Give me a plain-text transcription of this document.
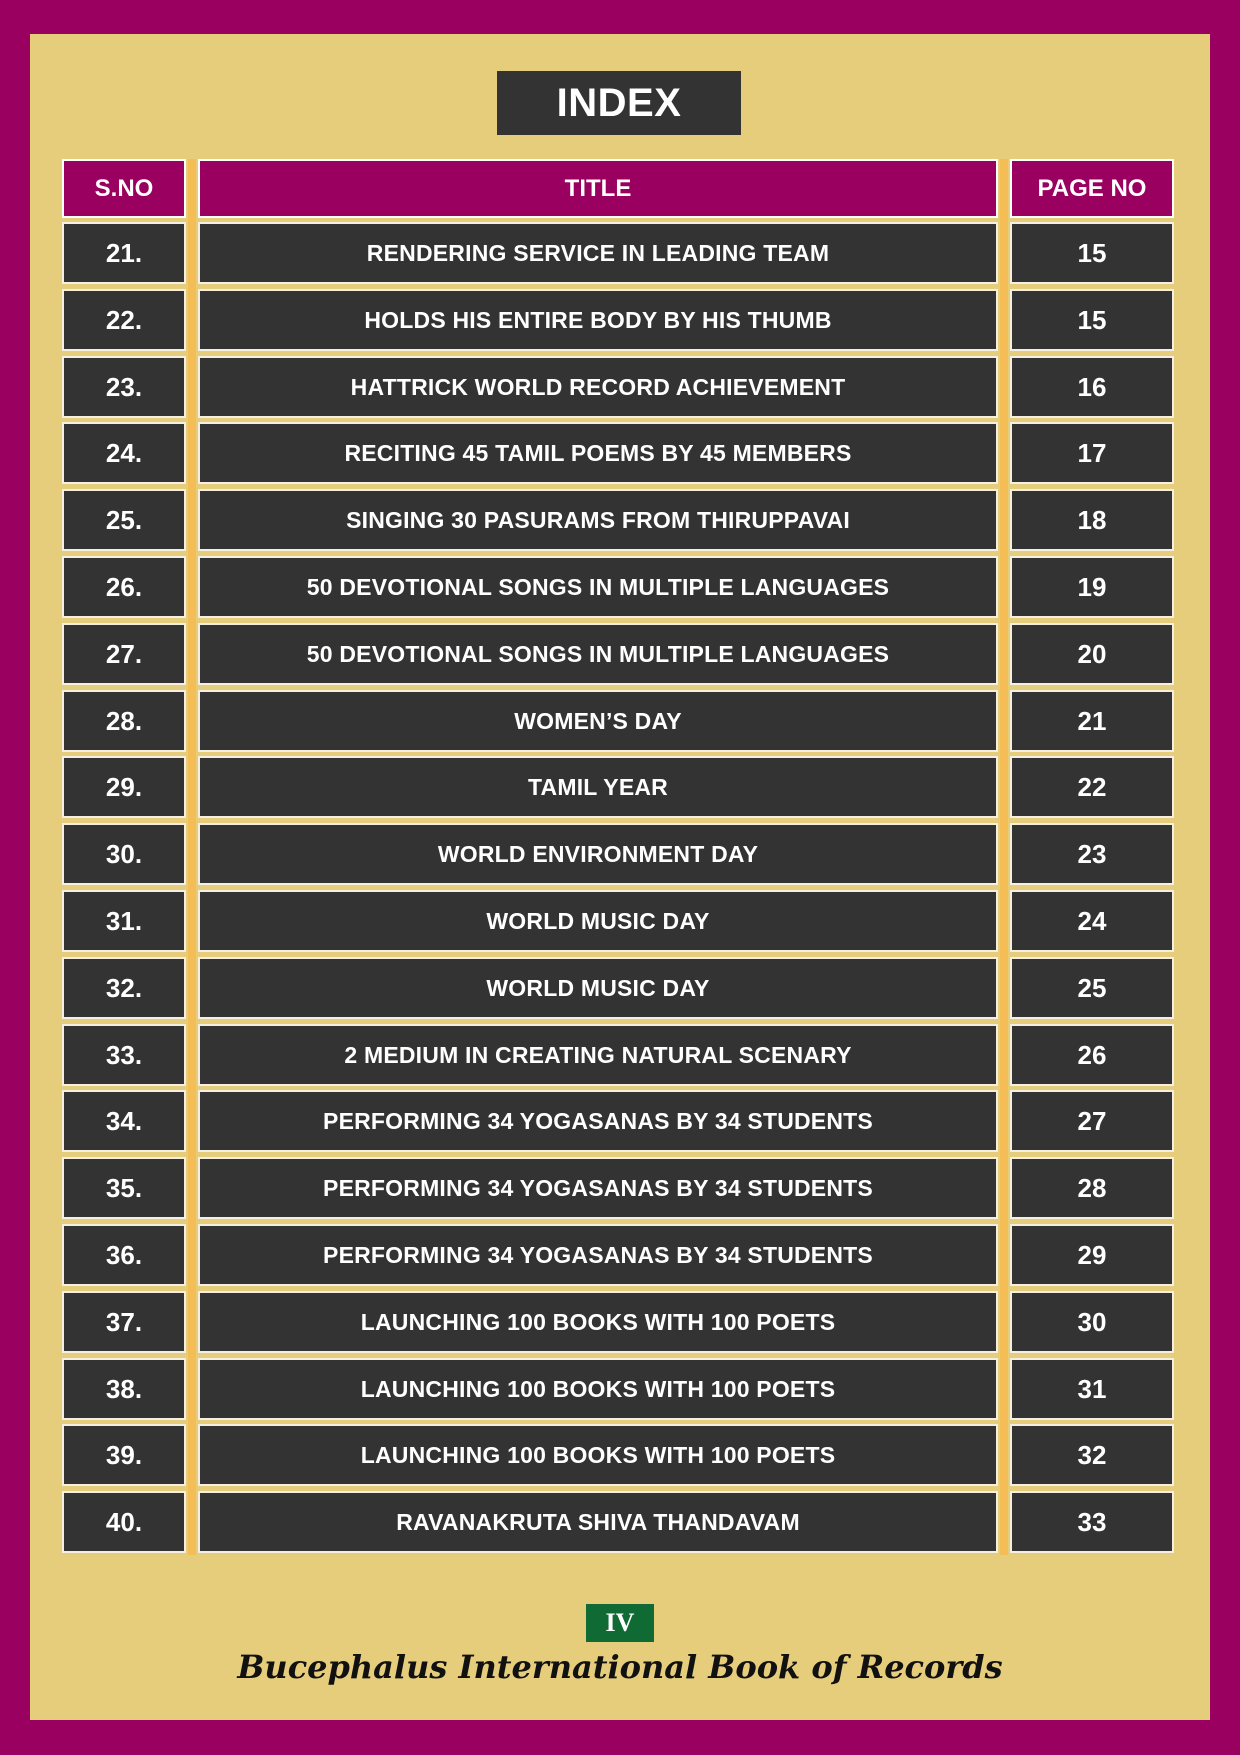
INDEX
S.NO	TITLE	PAGE NO
21.	RENDERING SERVICE IN LEADING TEAM	15
22.	HOLDS HIS ENTIRE BODY BY HIS THUMB	15
23.	HATTRICK WORLD RECORD ACHIEVEMENT	16
24.	RECITING 45 TAMIL POEMS BY 45 MEMBERS	17
25.	SINGING 30 PASURAMS FROM THIRUPPAVAI	18
26.	50 DEVOTIONAL SONGS IN MULTIPLE LANGUAGES	19
27.	50 DEVOTIONAL SONGS IN MULTIPLE LANGUAGES	20
28.	WOMEN’S DAY	21
29.	TAMIL YEAR	22
30.	WORLD ENVIRONMENT DAY	23
31.	WORLD MUSIC DAY	24
32.	WORLD MUSIC DAY	25
33.	2 MEDIUM IN CREATING NATURAL SCENARY	26
34.	PERFORMING 34 YOGASANAS BY 34 STUDENTS	27
35.	PERFORMING 34 YOGASANAS BY 34 STUDENTS	28
36.	PERFORMING 34 YOGASANAS BY 34 STUDENTS	29
37.	LAUNCHING 100 BOOKS WITH 100 POETS	30
38.	LAUNCHING 100 BOOKS WITH 100 POETS	31
39.	LAUNCHING 100 BOOKS WITH 100 POETS	32
40.	RAVANAKRUTA SHIVA THANDAVAM	33
IV
Bucephalus International Book of Records
